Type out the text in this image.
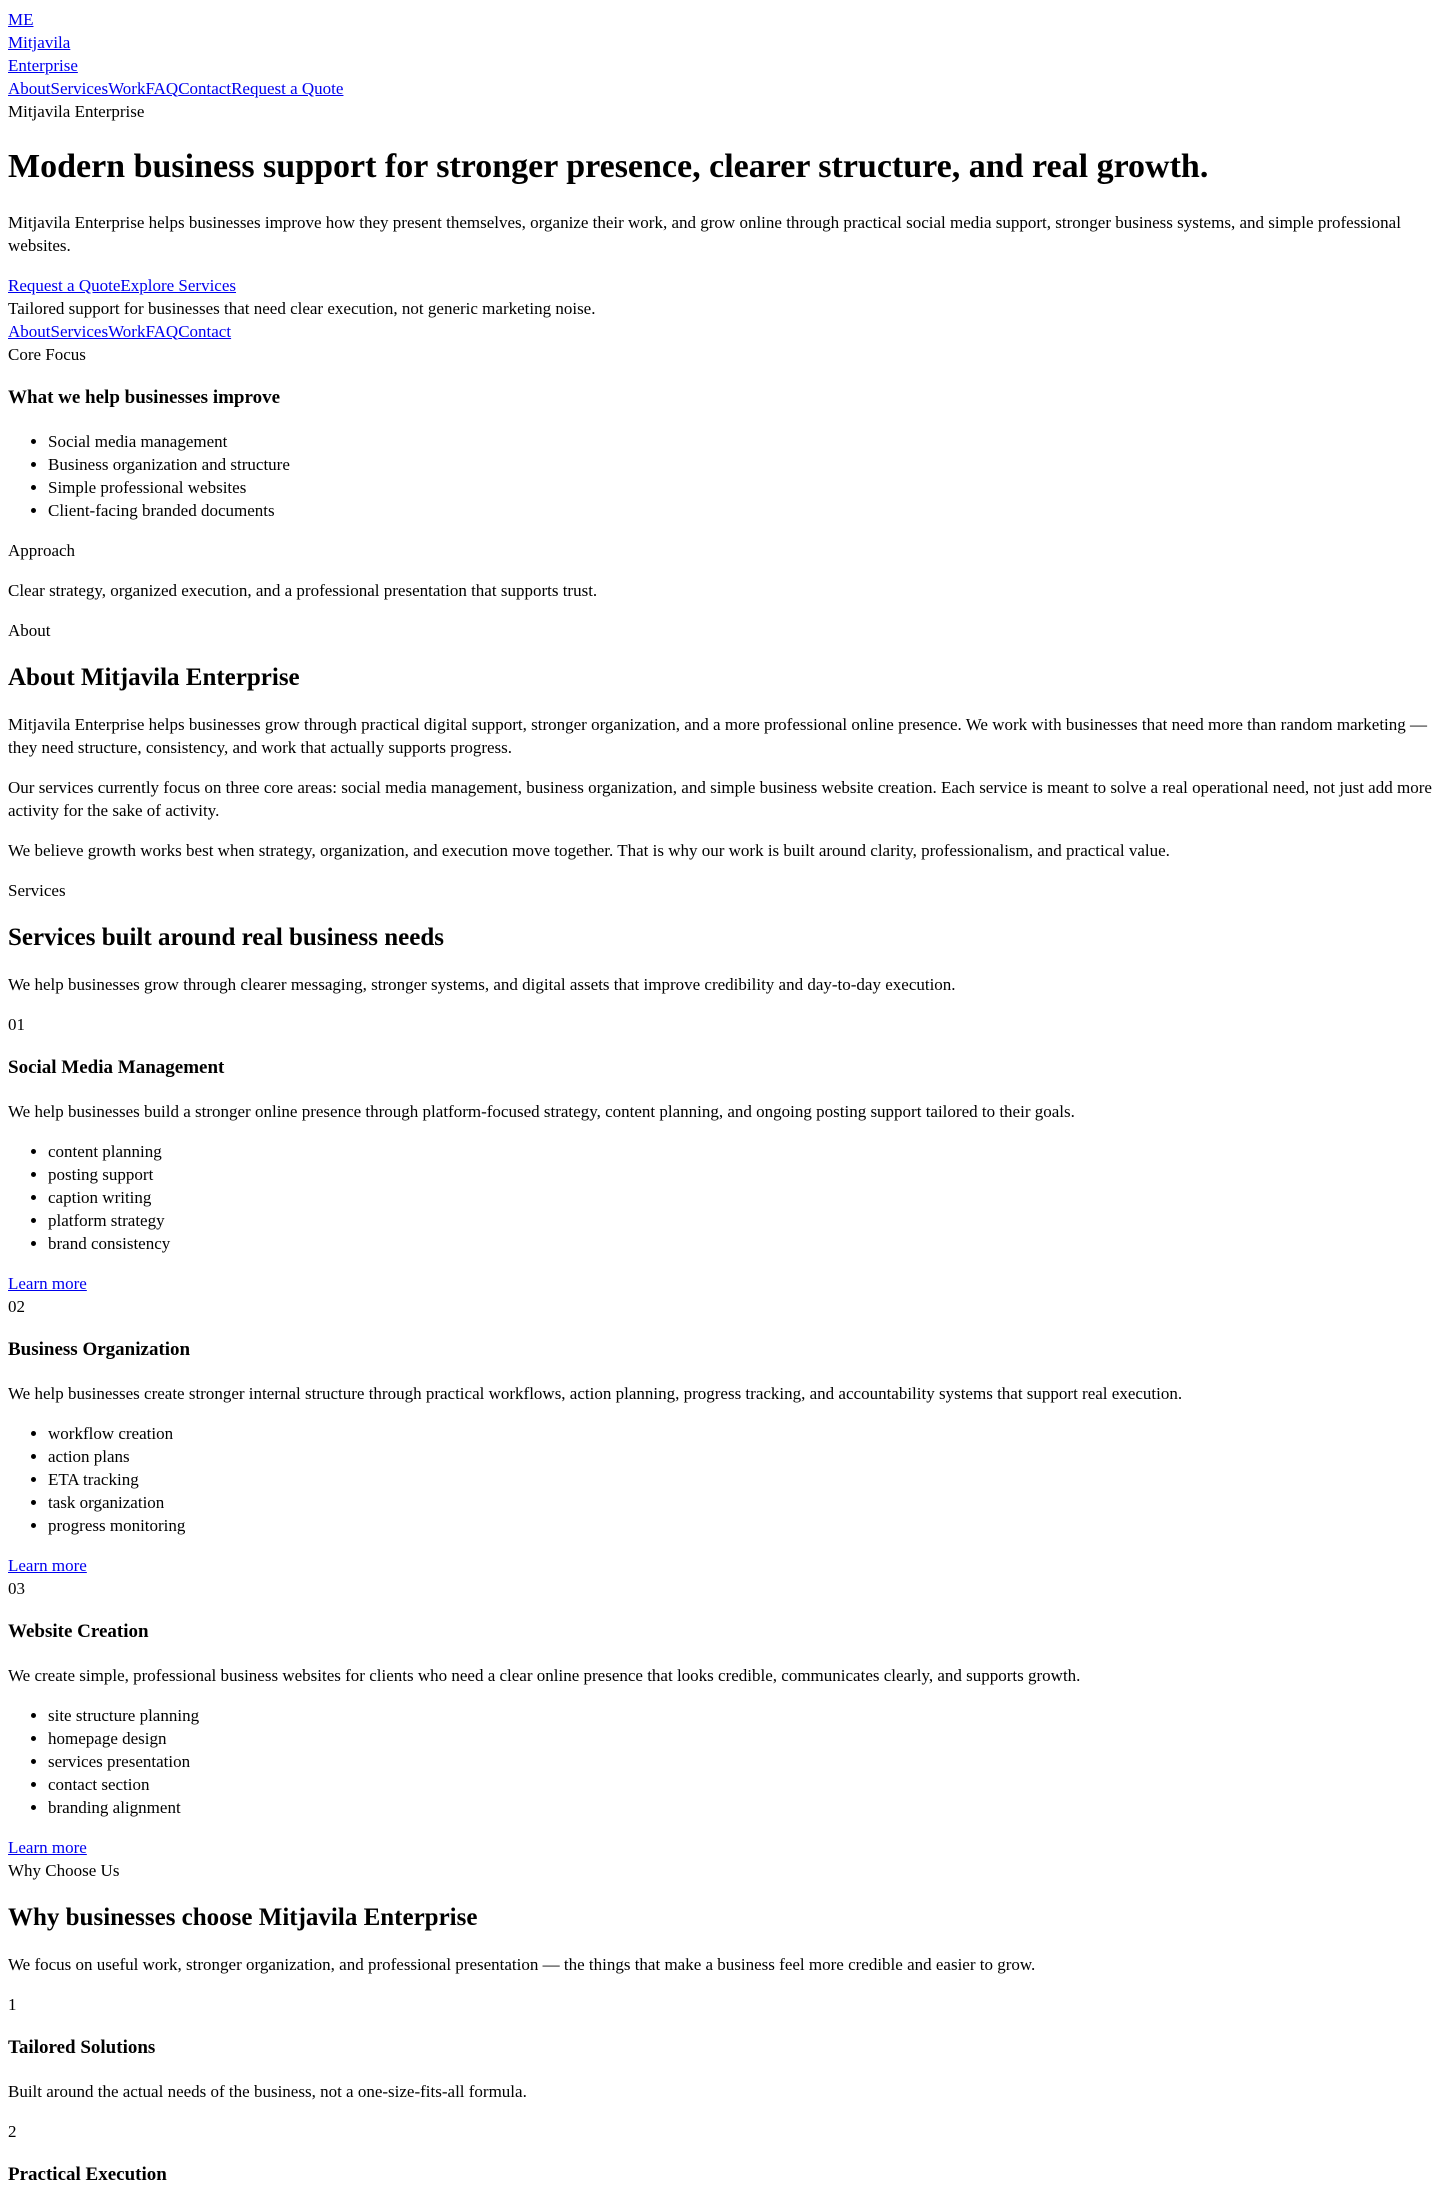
ME
Mitjavila
Enterprise
AboutServicesWorkFAQContactRequest a Quote
Mitjavila Enterprise
Modern business support for stronger presence, clearer structure, and real growth.

Mitjavila Enterprise helps businesses improve how they present themselves, organize their work, and grow online through practical social media support, stronger business systems, and simple professional websites.

Request a QuoteExplore Services
Tailored support for businesses that need clear execution, not generic marketing noise.
AboutServicesWorkFAQContact
Core Focus
What we help businesses improve
• Social media management
• Business organization and structure
• Simple professional websites
• Client-facing branded documents

Approach

Clear strategy, organized execution, and a professional presentation that supports trust.

About

About Mitjavila Enterprise

Mitjavila Enterprise helps businesses grow through practical digital support, stronger organization, and a more professional online presence. We work with businesses that need more than random marketing — they need structure, consistency, and work that actually supports progress.

Our services currently focus on three core areas: social media management, business organization, and simple business website creation. Each service is meant to solve a real operational need, not just add more activity for the sake of activity.

We believe growth works best when strategy, organization, and execution move together. That is why our work is built around clarity, professionalism, and practical value.

Services

Services built around real business needs

We help businesses grow through clearer messaging, stronger systems, and digital assets that improve credibility and day-to-day execution.

01

Social Media Management

We help businesses build a stronger online presence through platform-focused strategy, content planning, and ongoing posting support tailored to their goals.

• content planning
• posting support
• caption writing
• platform strategy
• brand consistency
Learn more
02
Business Organization

We help businesses create stronger internal structure through practical workflows, action planning, progress tracking, and accountability systems that support real execution.

• workflow creation
• action plans
• ETA tracking
• task organization
• progress monitoring
Learn more
03
Website Creation

We create simple, professional business websites for clients who need a clear online presence that looks credible, communicates clearly, and supports growth.

• site structure planning
• homepage design
• services presentation
• contact section
• branding alignment
Learn more
Why Choose Us
Why businesses choose Mitjavila Enterprise

We focus on useful work, stronger organization, and professional presentation — the things that make a business feel more credible and easier to grow.

1

Tailored Solutions

Built around the actual needs of the business, not a one-size-fits-all formula.

2

Practical Execution
